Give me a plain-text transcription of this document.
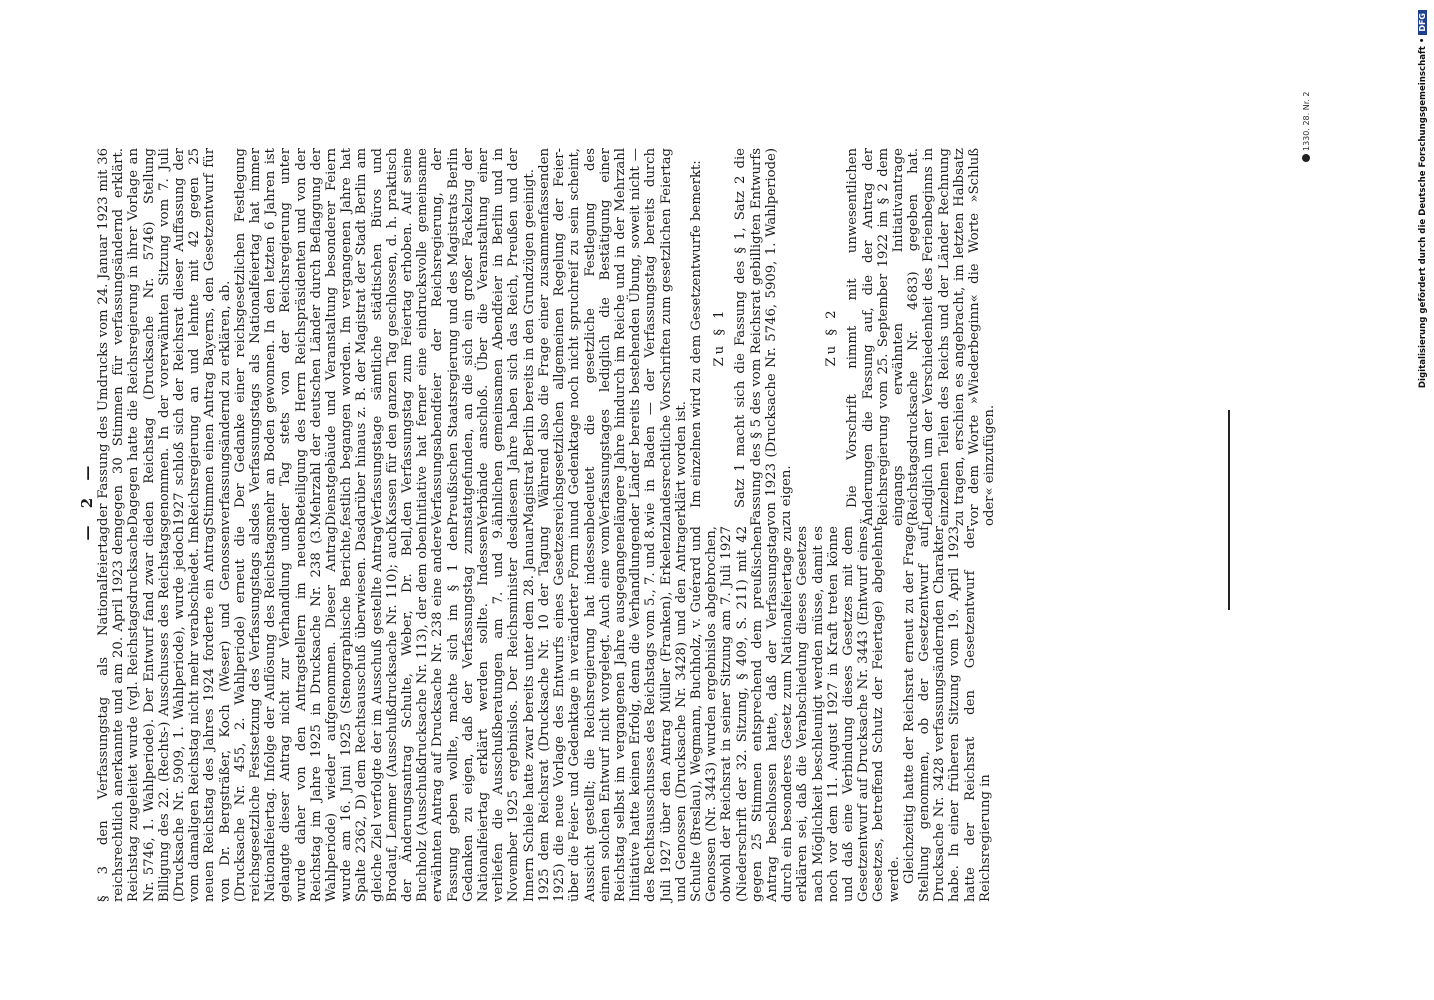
— 2 —

§ 3 den Verfassungstag als Nationalfeiertag reichsrechtlich anerkannte und am 20. April 1923 dem Reichstag zugeleitet wurde (vgl. Reichstagsdrucksache Nr. 5746, 1. Wahlperiode). Der Entwurf fand zwar die Billigung des 22. (Rechts-) Ausschusses des Reichstags (Drucksache Nr. 5909, 1. Wahlperiode), wurde jedoch vom damaligen Reichstag nicht mehr verabschiedet. Im neuen Reichstag des Jahres 1924 forderte ein Antrag von Dr. Bergsträßer, Koch (Weser) und Genossen (Drucksache Nr. 455, 2. Wahlperiode) erneut die reichsgesetzliche Festsetzung des Verfassungstags als Nationalfeiertag. Infolge der Auflösung des Reichstags gelangte dieser Antrag nicht zur Verhandlung und wurde daher von den Antragstellern im neuen Reichstag im Jahre 1925 in Drucksache Nr. 238 (3. Wahlperiode) wieder aufgenommen. Dieser Antrag wurde am 16. Juni 1925 (Stenographische Berichte, Spalte 2362, D) dem Rechtsausschuß überwiesen. Das gleiche Ziel verfolgte der im Ausschuß gestellte Antrag Brodauf, Lemmer (Ausschußdrucksache Nr. 110); auch der Änderungsantrag Schulte, Weber, Dr. Bell, Buchholz (Ausschußdrucksache Nr. 113), der dem oben erwähnten Antrag auf Drucksache Nr. 238 eine andere Fassung geben wollte, machte sich im § 1 den Gedanken zu eigen, daß der Verfassungstag zum Nationalfeiertag erklärt werden sollte. Indessen verliefen die Ausschußberatungen am 7. und 9. November 1925 ergebnislos. Der Reichsminister des Innern Schiele hatte zwar bereits unter dem 28. Januar 1925 dem Reichsrat (Drucksache Nr. 10 der Tagung 1925) die neue Vorlage des Entwurfs eines Gesetzes über die Feier- und Gedenktage in veränderter Form in Aussicht gestellt; die Reichsregierung hat indessen einen solchen Entwurf nicht vorgelegt. Auch eine vom Reichstag selbst im vergangenen Jahre ausgegangene Initiative hatte keinen Erfolg, denn die Verhandlungen des Rechtsausschusses des Reichstags vom 5., 7. und 8. Juli 1927 über den Antrag Müller (Franken), Erkelenz und Genossen (Drucksache Nr. 3428) und den Antrag Schulte (Breslau), Wegmann, Buchholz, v. Guérard und Genossen (Nr. 3443) wurden ergebnislos abgebrochen, obwohl der Reichsrat in seiner Sitzung am 7. Juli 1927 (Niederschrift der 32. Sitzung, § 409, S. 211) mit 42 gegen 25 Stimmen entsprechend dem preußischen Antrag beschlossen hatte, daß der Verfassungstag durch ein besonderes Gesetz zum Nationalfeiertage zu erklären sei, daß die Verabschiedung dieses Gesetzes nach Möglichkeit beschleunigt werden müsse, damit es noch vor dem 11. August 1927 in Kraft treten könne und daß eine Verbindung dieses Gesetzes mit dem Gesetzentwurf auf Drucksache Nr. 3443 (Entwurf eines Gesetzes, betreffend Schutz der Feiertage) abgelehnt werde. Gleichzeitig hatte der Reichsrat erneut zu der Frage Stellung genommen, ob der Gesetzentwurf auf Drucksache Nr. 3428 verfassungsändernden Charakter habe. In einer früheren Sitzung vom 19. April 1923 hatte der Reichsrat den Gesetzentwurf der Reichsregierung in

der Fassung des Umdrucks vom 24. Januar 1923 mit 36 gegen 30 Stimmen für verfassungsändernd erklärt. Dagegen hatte die Reichsregierung in ihrer Vorlage an den Reichstag (Drucksache Nr. 5746) Stellung genommen. In der vorerwähnten Sitzung vom 7. Juli 1927 schloß sich der Reichsrat dieser Auffassung der Reichsregierung an und lehnte mit 42 gegen 25 Stimmen einen Antrag Bayerns, den Gesetzentwurf für verfassungsändernd zu erklären, ab. Der Gedanke einer reichsgesetzlichen Festlegung des Verfassungstags als Nationalfeiertag hat immer mehr an Boden gewonnen. In den letzten 6 Jahren ist der Tag stets von der Reichsregierung unter Beteiligung des Herrn Reichspräsidenten und von der Mehrzahl der deutschen Länder durch Beflaggung der Dienstgebäude und Veranstaltung besonderer Feiern festlich begangen worden. Im vergangenen Jahre hat darüber hinaus z. B. der Magistrat der Stadt Berlin am Verfassungstage sämtliche städtischen Büros und Kassen für den ganzen Tag geschlossen, d. h. praktisch den Verfassungstag zum Feiertag erhoben. Auf seine Initiative hat ferner eine eindrucksvolle gemeinsame Verfassungsabendfeier der Reichsregierung, der Preußischen Staatsregierung und des Magistrats Berlin stattgefunden, an die sich ein großer Fackelzug der Verbände anschloß. Über die Veranstaltung einer ähnlichen gemeinsamen Abendfeier in Berlin und in diesem Jahre haben sich das Reich, Preußen und der Magistrat Berlin bereits in den Grundzügen geeinigt. Während also die Frage einer zusammenfassenden reichsgesetzlichen allgemeinen Regelung der Feier- und Gedenktage noch nicht spruchreif zu sein scheint, bedeutet die gesetzliche Festlegung des Verfassungstages lediglich die Bestätigung einer längere Jahre hindurch im Reiche und in der Mehrzahl der Länder bereits bestehenden Übung, soweit nicht — wie in Baden — der Verfassungstag bereits durch landesrechtliche Vorschriften zum gesetzlichen Feiertag erklärt worden ist. Im einzelnen wird zu dem Gesetzentwurfe bemerkt: Zu § 1 Satz 1 macht sich die Fassung des § 1, Satz 2 die Fassung des § 5 des vom Reichsrat gebilligten Entwurfs von 1923 (Drucksache Nr. 5746, 5909, 1. Wahlperiode) zu eigen.

Zu § 2 Die Vorschrift nimmt mit unwesentlichen Änderungen die Fassung auf, die der Antrag der Reichsregierung vom 25. September 1922 im § 2 dem eingangs erwähnten Initiativantrage (Reichstagsdrucksache Nr. 4683) gegeben hat. Lediglich um der Verschiedenheit des Ferienbeginns in einzelnen Teilen des Reichs und der Länder Rechnung zu tragen, erschien es angebracht, im letzten Halbsatz vor dem Worte »Wiederbeginn« die Worte »Schluß oder« einzufügen.

1330. 28. Nr. 2	Digitalisierung gefördert durch die Deutsche Forschungsgemeinschaft •DFG
